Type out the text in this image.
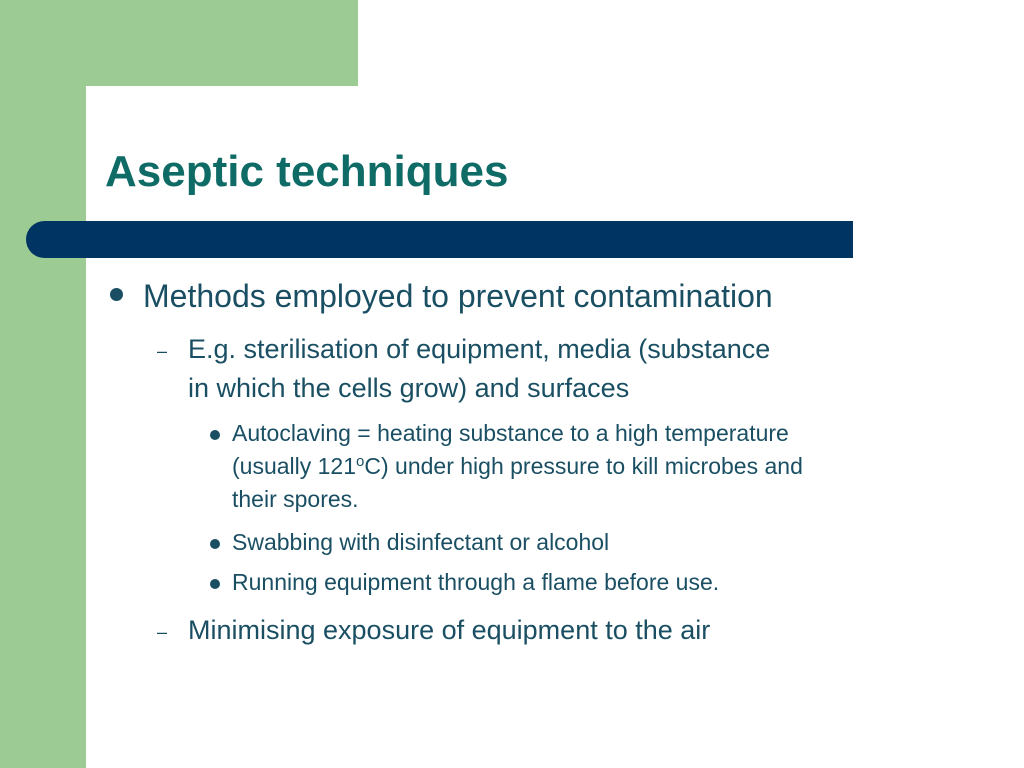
Aseptic techniques
Methods employed to prevent contamination
– E.g. sterilisation of equipment, media (substance
in which the cells grow) and surfaces
Autoclaving = heating substance to a high temperature
(usually 121$^o$C) under high pressure to kill microbes and
their spores.
Swabbing with disinfectant or alcohol
Running equipment through a flame before use.
– Minimising exposure of equipment to the air
